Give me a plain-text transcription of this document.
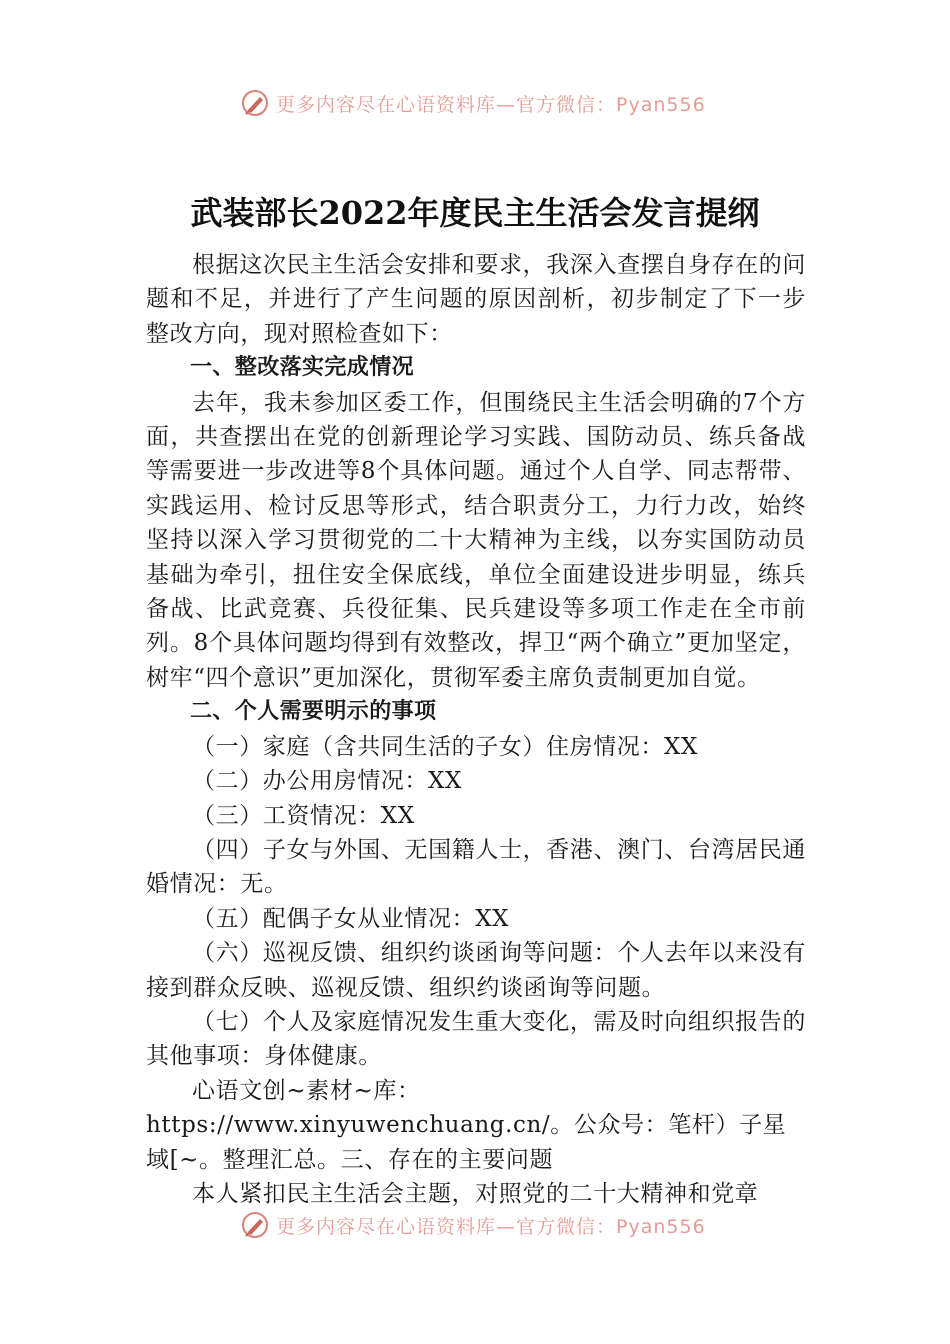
更多内容尽在心语资料库—官方微信：Pyan556
武装部长2022年度民主生活会发言提纲

根据这次民主生活会安排和要求，我深入查摆自身存在的问题和不足，并进行了产生问题的原因剖析，初步制定了下一步整改方向，现对照检查如下：

一、整改落实完成情况

去年，我未参加区委工作，但围绕民主生活会明确的7个方面，共查摆出在党的创新理论学习实践、国防动员、练兵备战等需要进一步改进等8个具体问题。通过个人自学、同志帮带、实践运用、检讨反思等形式，结合职责分工，力行力改，始终坚持以深入学习贯彻党的二十大精神为主线，以夯实国防动员基础为牵引，扭住安全保底线，单位全面建设进步明显，练兵备战、比武竞赛、兵役征集、民兵建设等多项工作走在全市前列。8个具体问题均得到有效整改，捍卫“两个确立”更加坚定，树牢“四个意识”更加深化，贯彻军委主席负责制更加自觉。

二、个人需要明示的事项

（一）家庭（含共同生活的子女）住房情况：XX

（二）办公用房情况：XX

（三）工资情况：XX

（四）子女与外国、无国籍人士，香港、澳门、台湾居民通婚情况：无。

（五）配偶子女从业情况：XX

（六）巡视反馈、组织约谈函询等问题：个人去年以来没有接到群众反映、巡视反馈、组织约谈函询等问题。

（七）个人及家庭情况发生重大变化，需及时向组织报告的其他事项：身体健康。

心语文创~素材~库：https://www.xinyuwenchuang.cn/。公众号：笔杆）子星域[~。整理汇总。三、存在的主要问题

本人紧扣民主生活会主题，对照党的二十大精神和党章

更多内容尽在心语资料库—官方微信：Pyan556
